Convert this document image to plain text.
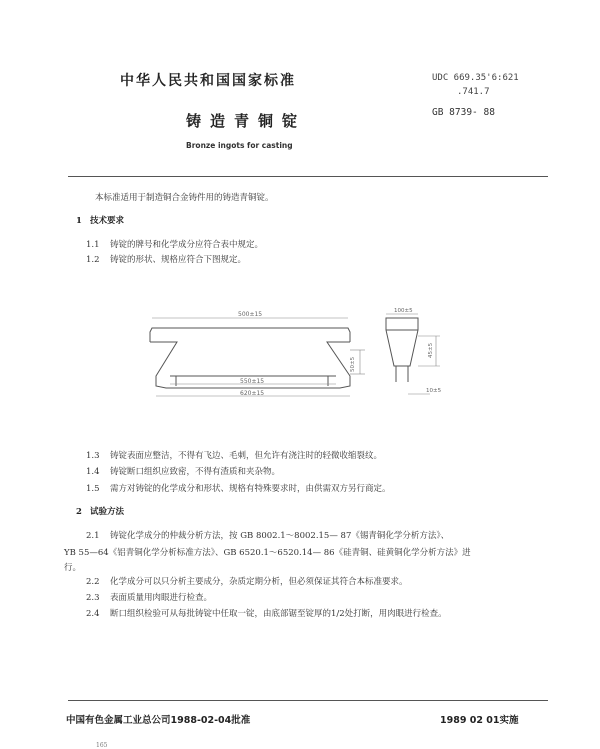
中华人民共和国国家标准	UDC 669.35'6:621
.741.7
GB 8739- 88
铸造青铜锭
Bronze ingots for casting
本标准适用于制造铜合金铸件用的铸造青铜锭。
1 技术要求
1.1 铸锭的牌号和化学成分应符合表中规定。
1.2 铸锭的形状、规格应符合下图规定。
500±15
550±15
620±15
50±5
100±5
45±5
10±5
1.3 铸锭表面应整洁，不得有飞边、毛刺，但允许有浇注时的轻微收缩裂纹。
1.4 铸锭断口组织应致密，不得有渣质和夹杂物。
1.5 需方对铸锭的化学成分和形状、规格有特殊要求时，由供需双方另行商定。
2 试验方法
2.1 铸锭化学成分的仲裁分析方法，按 GB 8002.1～8002.15— 87《锡青铜化学分析方法》、
YB 55—64《铝青铜化学分析标准方法》、GB 6520.1～6520.14— 86《硅青铜、硅黄铜化学分析方法》进
行。
2.2 化学成分可以只分析主要成分，杂质定期分析，但必须保证其符合本标准要求。
2.3 表面质量用肉眼进行检查。
2.4 断口组织检验可从每批铸锭中任取一锭，由底部锯至锭厚的1/2处打断，用肉眼进行检查。
中国有色金属工业总公司1988-02-04批准	1989 02 01实施
165
